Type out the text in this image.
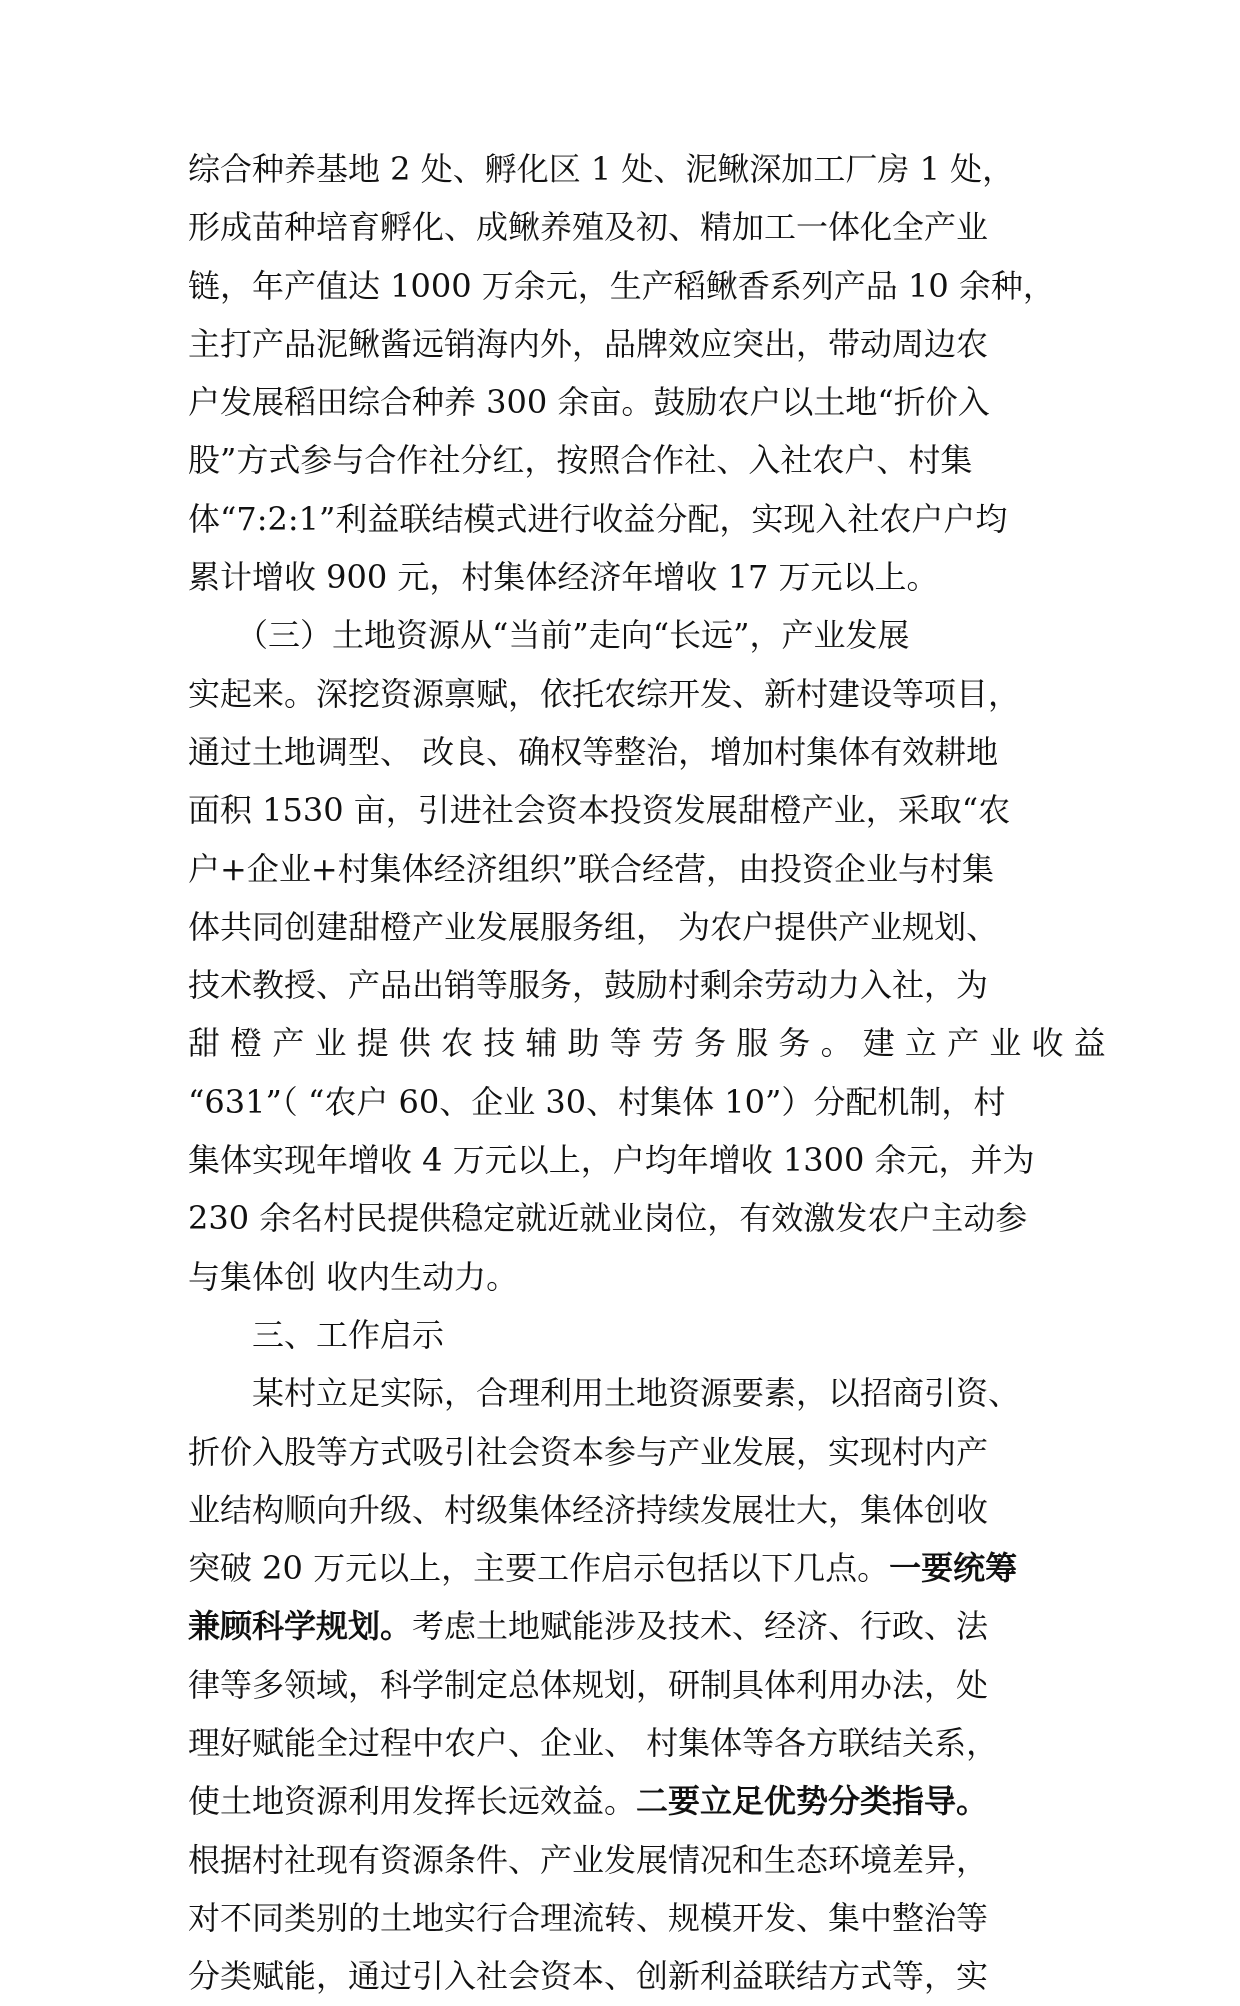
综合种养基地 2 处、孵化区 1 处、泥鳅深加工厂房 1 处，
形成苗种培育孵化、成鳅养殖及初、精加工一体化全产业
链，年产值达 1000 万余元，生产稻鳅香系列产品 10 余种，
主打产品泥鳅酱远销海内外，品牌效应突出，带动周边农
户发展稻田综合种养 300 余亩。鼓励农户以土地“折价入
股”方式参与合作社分红，按照合作社、入社农户、村集
体“7:2:1”利益联结模式进行收益分配，实现入社农户户均
累计增收 900 元，村集体经济年增收 17 万元以上。
　　（三）土地资源从“当前”走向“长远”，产业发展
实起来。深挖资源禀赋，依托农综开发、新村建设等项目，
通过土地调型、 改良、确权等整治，增加村集体有效耕地
面积 1530 亩，引进社会资本投资发展甜橙产业，采取“农
户+企业+村集体经济组织”联合经营，由投资企业与村集
体共同创建甜橙产业发展服务组， 为农户提供产业规划、
技术教授、产品出销等服务，鼓励村剩余劳动力入社，为
甜 橙 产 业 提 供 农 技 辅 助 等 劳 务 服 务 。 建 立 产 业 收 益
“631”（ “农户 60、企业 30、村集体 10”）分配机制，村
集体实现年增收 4 万元以上，户均年增收 1300 余元，并为
230 余名村民提供稳定就近就业岗位，有效激发农户主动参
与集体创 收内生动力。
　　三、工作启示
　　某村立足实际，合理利用土地资源要素，以招商引资、
折价入股等方式吸引社会资本参与产业发展，实现村内产
业结构顺向升级、村级集体经济持续发展壮大，集体创收
突破 20 万元以上，主要工作启示包括以下几点。一要统筹
兼顾科学规划。考虑土地赋能涉及技术、经济、行政、法
律等多领域，科学制定总体规划，研制具体利用办法，处
理好赋能全过程中农户、企业、 村集体等各方联结关系，
使土地资源利用发挥长远效益。二要立足优势分类指导。
根据村社现有资源条件、产业发展情况和生态环境差异，
对不同类别的土地实行合理流转、规模开发、集中整治等
分类赋能，通过引入社会资本、创新利益联结方式等，实
